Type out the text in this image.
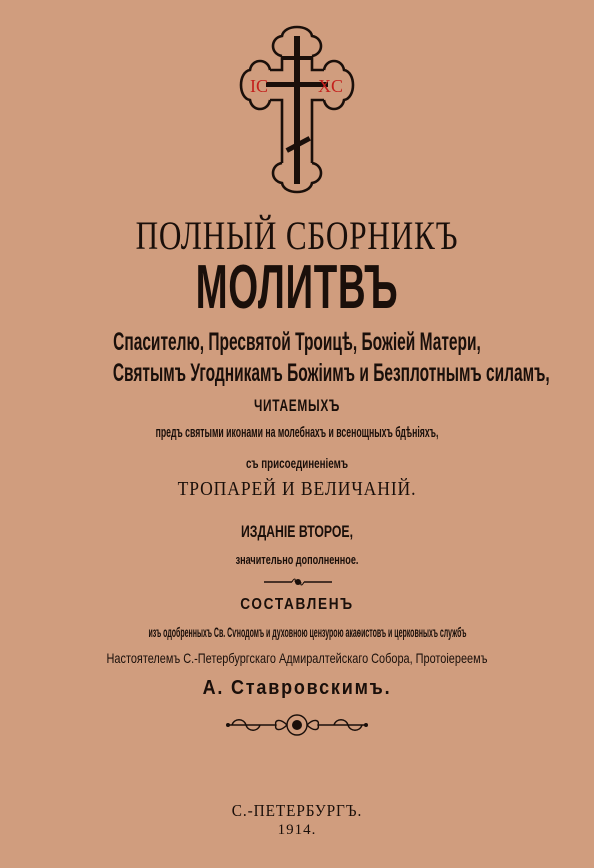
IC	XC
ПОЛНЫЙ СБОРНИКЪ
МОЛИТВЪ
Спасителю, Пресвятой Троицѣ, Божiей Матери,
Святымъ Угодникамъ Божiимъ и Безплотнымъ силамъ,
ЧИТАЕМЫХЪ
предъ святыми иконами на молебнахъ и всенощныхъ бдѣнiяхъ,
съ присоединенiемъ
ТРОПАРЕЙ И ВЕЛИЧАНIЙ.
ИЗДАНIЕ ВТОРОЕ,
значительно дополненное.
СОСТАВЛЕНЪ
изъ одобренныхъ Св. Сѵнодомъ и духовною цензурою акаѳистовъ и церковныхъ службъ
Настоятелемъ С.-Петербургскаго Адмиралтейскаго Собора, Протоiереемъ
А. Ставровскимъ.
С.-ПЕТЕРБУРГЪ.
1914.
